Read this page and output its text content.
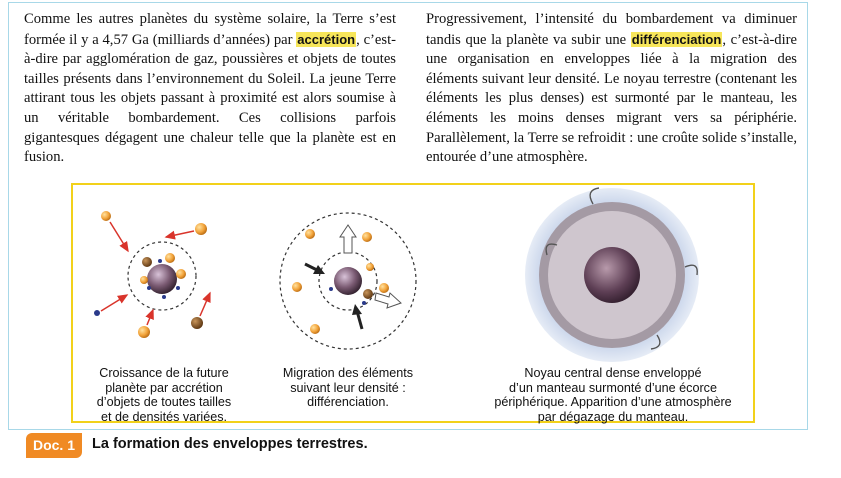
Comme les autres planètes du système solaire, la Terre s’est formée il y a 4,57 Ga (milliards d’années) par accrétion, c’est-à-dire par agglomération de gaz, poussières et objets de toutes tailles présents dans l’environnement du Soleil. La jeune Terre attirant tous les objets passant à proximité est alors soumise à un véritable bombardement. Ces collisions parfois gigantesques dégagent une chaleur telle que la planète est en fusion.
Progressivement, l’intensité du bombardement va diminuer tandis que la planète va subir une différenciation, c’est-à-dire une organisation en enveloppes liée à la migration des éléments suivant leur densité. Le noyau terrestre (contenant les éléments les plus denses) est surmonté par le manteau, les éléments les moins denses migrant vers sa périphérie. Parallèlement, la Terre se refroidit : une croûte solide s’installe, entourée d’une atmosphère.
Croissance de la future
planète par accrétion
d’objets de toutes tailles
et de densités variées.
Migration des éléments
suivant leur densité :
différenciation.
Noyau central dense enveloppé
d’un manteau surmonté d’une écorce
périphérique. Apparition d’une atmosphère
par dégazage du manteau.
Doc. 1	La formation des enveloppes terrestres.
